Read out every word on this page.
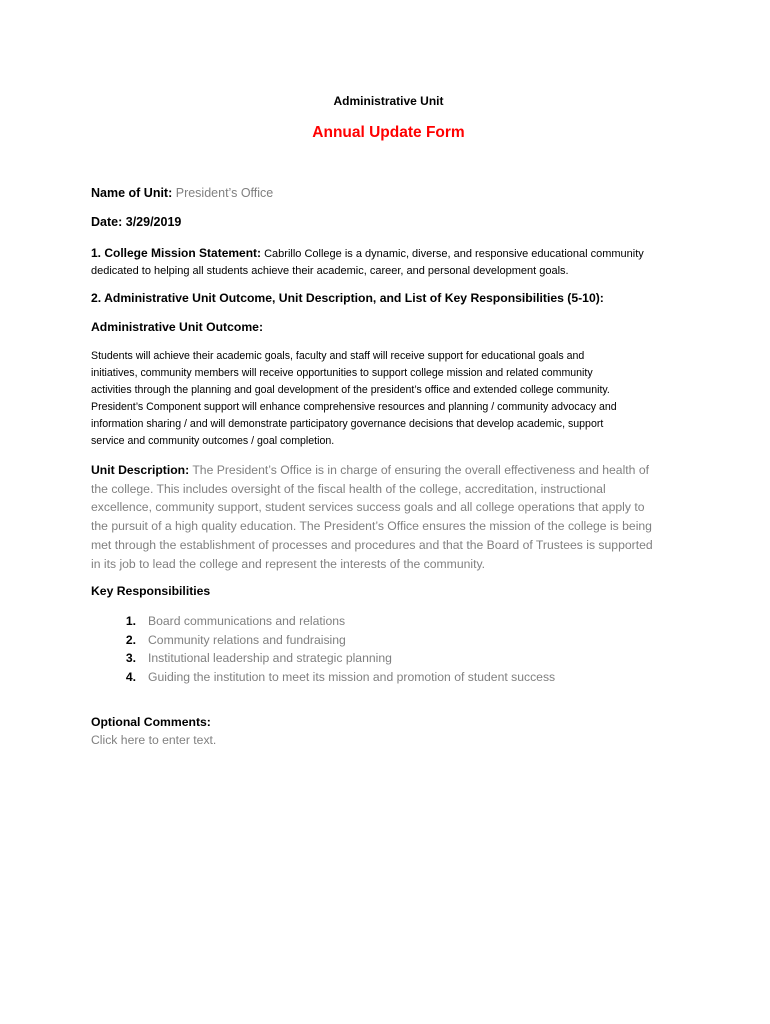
Administrative Unit
Annual Update Form
Name of Unit: President’s Office
Date: 3/29/2019
1. College Mission Statement: Cabrillo College is a dynamic, diverse, and responsive educational community
dedicated to helping all students achieve their academic, career, and personal development goals.
2. Administrative Unit Outcome, Unit Description, and List of Key Responsibilities (5-10):
Administrative Unit Outcome:
Students will achieve their academic goals, faculty and staff will receive support for educational goals and
initiatives, community members will receive opportunities to support college mission and related community
activities through the planning and goal development of the president’s office and extended college community.
President’s Component support will enhance comprehensive resources and planning / community advocacy and
information sharing / and will demonstrate participatory governance decisions that develop academic, support
service and community outcomes / goal completion.
Unit Description: The President’s Office is in charge of ensuring the overall effectiveness and health of
the college. This includes oversight of the fiscal health of the college, accreditation, instructional
excellence, community support, student services success goals and all college operations that apply to
the pursuit of a high quality education. The President’s Office ensures the mission of the college is being
met through the establishment of processes and procedures and that the Board of Trustees is supported
in its job to lead the college and represent the interests of the community.
Key Responsibilities
1. Board communications and relations
2. Community relations and fundraising
3. Institutional leadership and strategic planning
4. Guiding the institution to meet its mission and promotion of student success
Optional Comments:
Click here to enter text.
